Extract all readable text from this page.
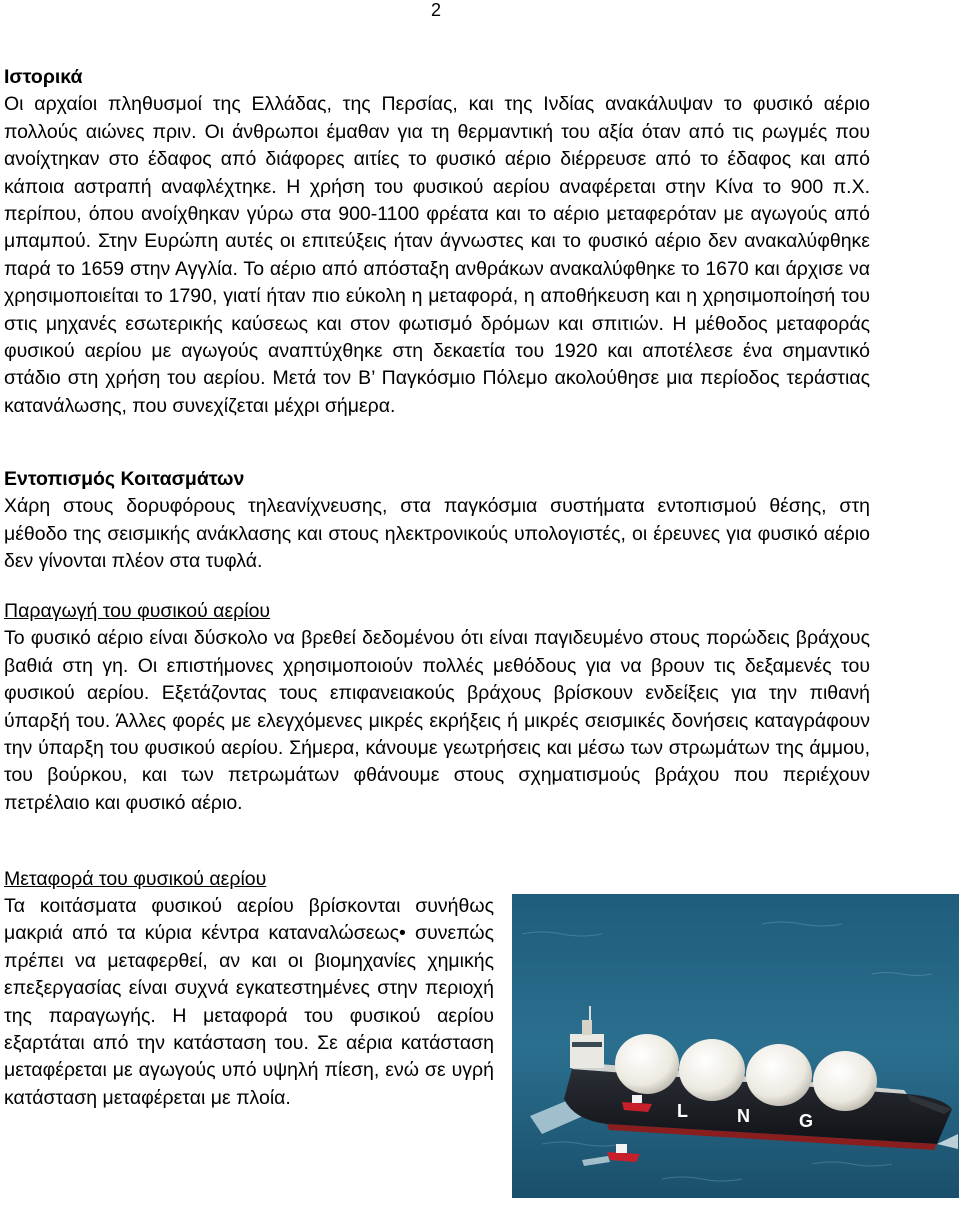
2
Ιστορικά
Οι αρχαίοι πληθυσμοί της Ελλάδας, της Περσίας, και της Ινδίας ανακάλυψαν το φυσικό αέριο πολλούς αιώνες πριν. Οι άνθρωποι έμαθαν για τη θερμαντική του αξία όταν από τις ρωγμές που ανοίχτηκαν στο έδαφος από διάφορες αιτίες το φυσικό αέριο διέρρευσε από το έδαφος και από κάποια αστραπή αναφλέχτηκε. Η χρήση του φυσικού αερίου αναφέρεται στην Κίνα το 900 π.Χ. περίπου, όπου ανοίχθηκαν γύρω στα 900-1100 φρέατα και το αέριο μεταφερόταν με αγωγούς από μπαμπού. Στην Ευρώπη αυτές οι επιτεύξεις ήταν άγνωστες και το φυσικό αέριο δεν ανακαλύφθηκε παρά το 1659 στην Αγγλία. Το αέριο από απόσταξη ανθράκων ανακαλύφθηκε το 1670 και άρχισε να χρησιμοποιείται το 1790, γιατί ήταν πιο εύκολη η μεταφορά, η αποθήκευση και η χρησιμοποίησή του στις μηχανές εσωτερικής καύσεως και στον φωτισμό δρόμων και σπιτιών. Η μέθοδος μεταφοράς φυσικού αερίου με αγωγούς αναπτύχθηκε στη δεκαετία του 1920 και αποτέλεσε ένα σημαντικό στάδιο στη χρήση του αερίου. Μετά τον Β’ Παγκόσμιο Πόλεμο ακολούθησε μια περίοδος τεράστιας κατανάλωσης, που συνεχίζεται μέχρι σήμερα.
Εντοπισμός Κοιτασμάτων
Χάρη στους δορυφόρους τηλεανίχνευσης, στα παγκόσμια συστήματα εντοπισμού θέσης, στη μέθοδο της σεισμικής ανάκλασης και στους ηλεκτρονικούς υπολογιστές, οι έρευνες για φυσικό αέριο δεν γίνονται πλέον στα τυφλά.
Παραγωγή του φυσικού αερίου
Το φυσικό αέριο είναι δύσκολο να βρεθεί δεδομένου ότι είναι παγιδευμένο στους πορώδεις βράχους βαθιά στη γη. Οι επιστήμονες χρησιμοποιούν πολλές μεθόδους για να βρουν τις δεξαμενές του φυσικού αερίου. Εξετάζοντας τους επιφανειακούς βράχους βρίσκουν ενδείξεις για την πιθανή ύπαρξή του. Άλλες φορές με ελεγχόμενες μικρές εκρήξεις ή μικρές σεισμικές δονήσεις καταγράφουν την ύπαρξη του φυσικού αερίου. Σήμερα, κάνουμε γεωτρήσεις και μέσω των στρωμάτων της άμμου, του βούρκου, και των πετρωμάτων φθάνουμε στους σχηματισμούς βράχου που περιέχουν πετρέλαιο και φυσικό αέριο.
Μεταφορά του φυσικού αερίου
Τα κοιτάσματα φυσικού αερίου βρίσκονται συνήθως μακριά από τα κύρια κέντρα καταναλώσεως• συνεπώς πρέπει να μεταφερθεί, αν και οι βιομηχανίες χημικής επεξεργασίας είναι συχνά εγκατεστημένες στην περιοχή της παραγωγής. Η μεταφορά του φυσικού αερίου εξαρτάται από την κατάσταση του. Σε αέρια κατάσταση μεταφέρεται με αγωγούς υπό υψηλή πίεση, ενώ σε υγρή κατάσταση μεταφέρεται με πλοία.
L	N	G
